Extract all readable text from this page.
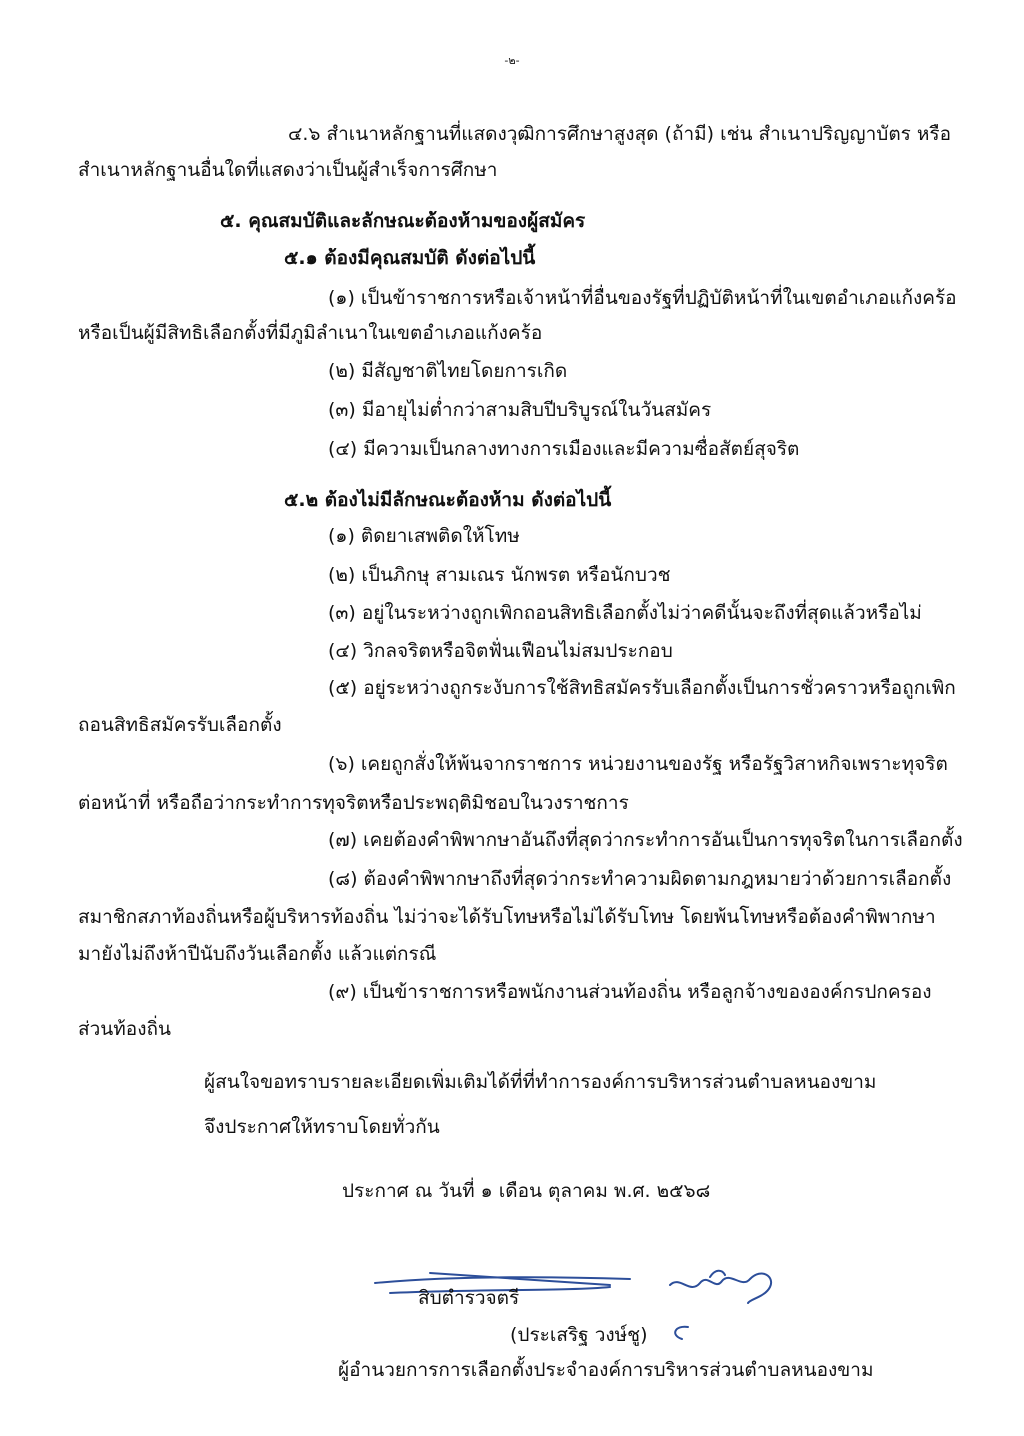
-๒-
๔.๖ สำเนาหลักฐานที่แสดงวุฒิการศึกษาสูงสุด (ถ้ามี) เช่น สำเนาปริญญาบัตร หรือ
สำเนาหลักฐานอื่นใดที่แสดงว่าเป็นผู้สำเร็จการศึกษา
๕. คุณสมบัติและลักษณะต้องห้ามของผู้สมัคร
๕.๑ ต้องมีคุณสมบัติ ดังต่อไปนี้
(๑) เป็นข้าราชการหรือเจ้าหน้าที่อื่นของรัฐที่ปฏิบัติหน้าที่ในเขตอำเภอแก้งคร้อ
หรือเป็นผู้มีสิทธิเลือกตั้งที่มีภูมิลำเนาในเขตอำเภอแก้งคร้อ
(๒) มีสัญชาติไทยโดยการเกิด
(๓) มีอายุไม่ต่ำกว่าสามสิบปีบริบูรณ์ในวันสมัคร
(๔) มีความเป็นกลางทางการเมืองและมีความซื่อสัตย์สุจริต
๕.๒ ต้องไม่มีลักษณะต้องห้าม ดังต่อไปนี้
(๑) ติดยาเสพติดให้โทษ
(๒) เป็นภิกษุ สามเณร นักพรต หรือนักบวช
(๓) อยู่ในระหว่างถูกเพิกถอนสิทธิเลือกตั้งไม่ว่าคดีนั้นจะถึงที่สุดแล้วหรือไม่
(๔) วิกลจริตหรือจิตฟั่นเฟือนไม่สมประกอบ
(๕) อยู่ระหว่างถูกระงับการใช้สิทธิสมัครรับเลือกตั้งเป็นการชั่วคราวหรือถูกเพิก
ถอนสิทธิสมัครรับเลือกตั้ง
(๖) เคยถูกสั่งให้พ้นจากราชการ หน่วยงานของรัฐ หรือรัฐวิสาหกิจเพราะทุจริต
ต่อหน้าที่ หรือถือว่ากระทำการทุจริตหรือประพฤติมิชอบในวงราชการ
(๗) เคยต้องคำพิพากษาอันถึงที่สุดว่ากระทำการอันเป็นการทุจริตในการเลือกตั้ง
(๘) ต้องคำพิพากษาถึงที่สุดว่ากระทำความผิดตามกฎหมายว่าด้วยการเลือกตั้ง
สมาชิกสภาท้องถิ่นหรือผู้บริหารท้องถิ่น ไม่ว่าจะได้รับโทษหรือไม่ได้รับโทษ โดยพ้นโทษหรือต้องคำพิพากษา
มายังไม่ถึงห้าปีนับถึงวันเลือกตั้ง แล้วแต่กรณี
(๙) เป็นข้าราชการหรือพนักงานส่วนท้องถิ่น หรือลูกจ้างขององค์กรปกครอง
ส่วนท้องถิ่น
ผู้สนใจขอทราบรายละเอียดเพิ่มเติมได้ที่ที่ทำการองค์การบริหารส่วนตำบลหนองขาม
จึงประกาศให้ทราบโดยทั่วกัน
ประกาศ ณ วันที่ ๑ เดือน ตุลาคม พ.ศ. ๒๕๖๘
สิบตำรวจตรี
(ประเสริฐ วงษ์ชู)
ผู้อำนวยการการเลือกตั้งประจำองค์การบริหารส่วนตำบลหนองขาม
